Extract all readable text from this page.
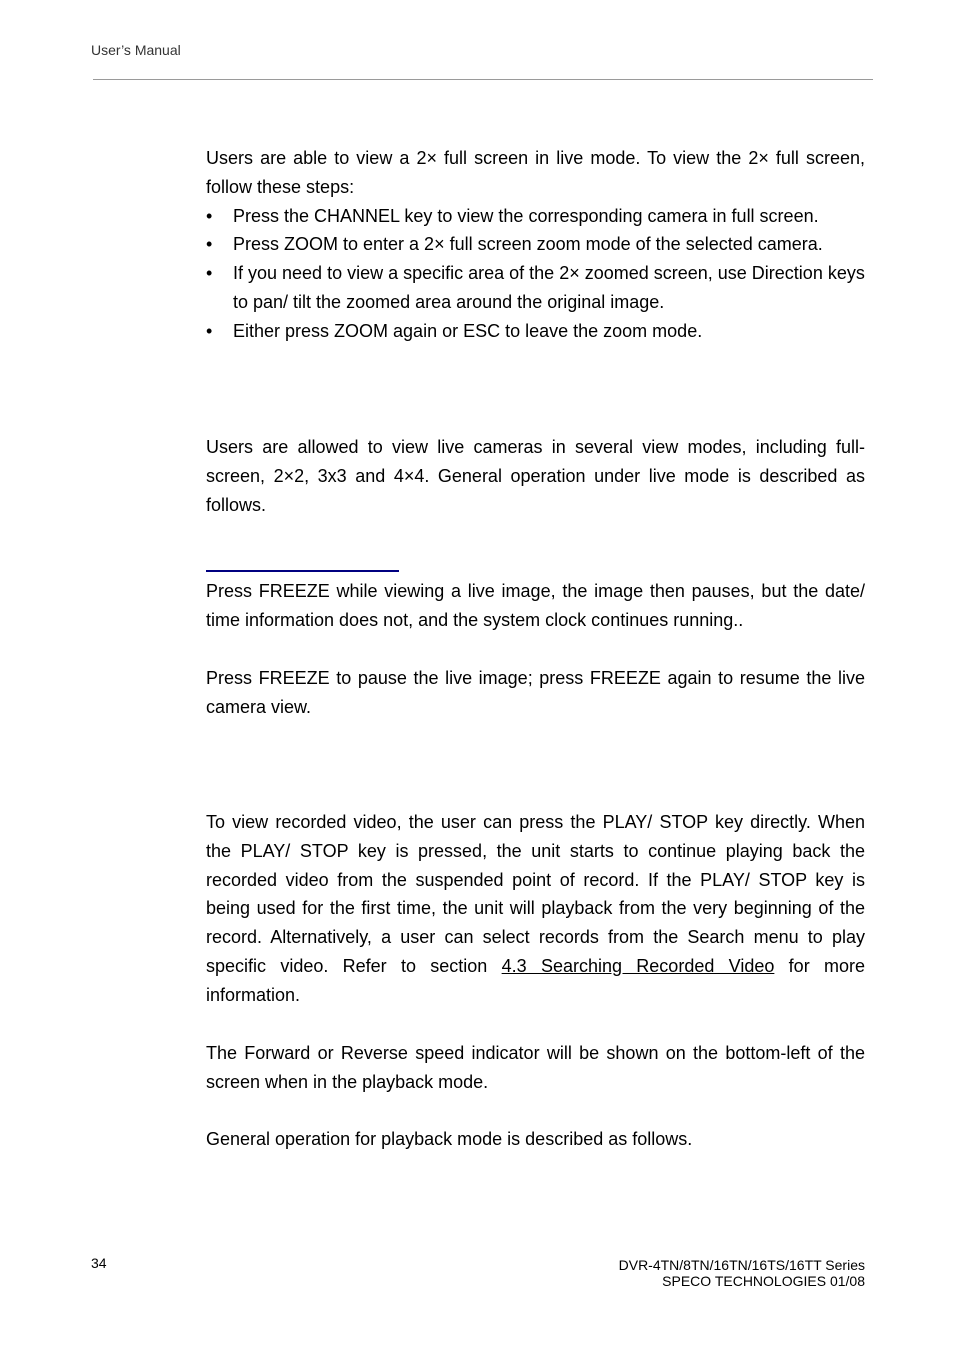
User’s Manual

Users are able to view a 2× full screen in live mode. To view the 2× full screen, follow these steps:

• Press the CHANNEL key to view the corresponding camera in full screen.
• Press ZOOM to enter a 2× full screen zoom mode of the selected camera.
• If you need to view a specific area of the 2× zoomed screen, use Direction keys to pan/ tilt the zoomed area around the original image.
• Either press ZOOM again or ESC to leave the zoom mode.

Users are allowed to view live cameras in several view modes, including full-screen, 2×2, 3x3 and 4×4. General operation under live mode is described as follows.

Press FREEZE while viewing a live image, the image then pauses, but the date/ time information does not, and the system clock continues running..

Press FREEZE to pause the live image; press FREEZE again to resume the live camera view.

To view recorded video, the user can press the PLAY/ STOP key directly. When the PLAY/ STOP key is pressed, the unit starts to continue playing back the recorded video from the suspended point of record. If the PLAY/ STOP key is being used for the first time, the unit will playback from the very beginning of the record. Alternatively, a user can select records from the Search menu to play specific video. Refer to section 4.3 Searching Recorded Video for more information.

The Forward or Reverse speed indicator will be shown on the bottom-left of the screen when in the playback mode.

General operation for playback mode is described as follows.

34	DVR-4TN/8TN/16TN/16TS/16TT Series
SPECO TECHNOLOGIES 01/08
